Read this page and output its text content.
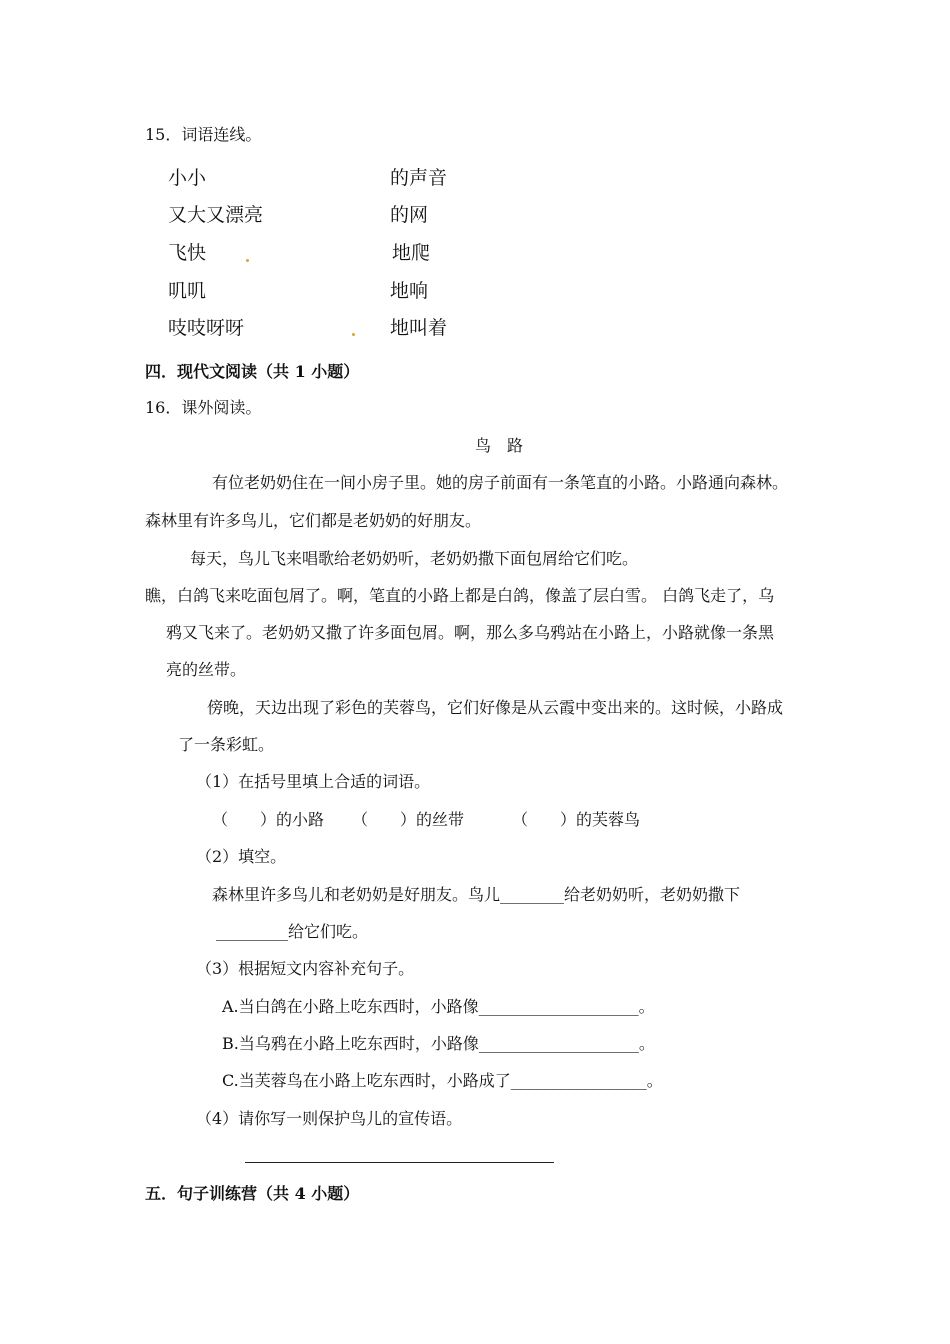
15．词语连线。
小小
又大又漂亮
飞快
叽叽
吱吱呀呀
的声音
的网
地爬
地响
地叫着
四．现代文阅读（共 1 小题）
16．课外阅读。
鸟　路
有位老奶奶住在一间小房子里。她的房子前面有一条笔直的小路。小路通向森林。
森林里有许多鸟儿，它们都是老奶奶的好朋友。
每天，鸟儿飞来唱歌给老奶奶听，老奶奶撒下面包屑给它们吃。
瞧，白鸽飞来吃面包屑了。啊，笔直的小路上都是白鸽，像盖了层白雪。 白鸽飞走了，乌
鸦又飞来了。老奶奶又撒了许多面包屑。啊，那么多乌鸦站在小路上，小路就像一条黑
亮的丝带。
傍晚，天边出现了彩色的芙蓉鸟，它们好像是从云霞中变出来的。这时候，小路成
了一条彩虹。
（1）在括号里填上合适的词语。
（　　）的小路 （　　）的丝带	（　　）的芙蓉鸟
（2）填空。
森林里许多鸟儿和老奶奶是好朋友。鸟儿________给老奶奶听，老奶奶撒下
_________给它们吃。
（3）根据短文内容补充句子。
A.当白鸽在小路上吃东西时，小路像____________________。
B.当乌鸦在小路上吃东西时，小路像____________________。
C.当芙蓉鸟在小路上吃东西时，小路成了_________________。
（4）请你写一则保护鸟儿的宣传语。
五．句子训练营（共 4 小题）
